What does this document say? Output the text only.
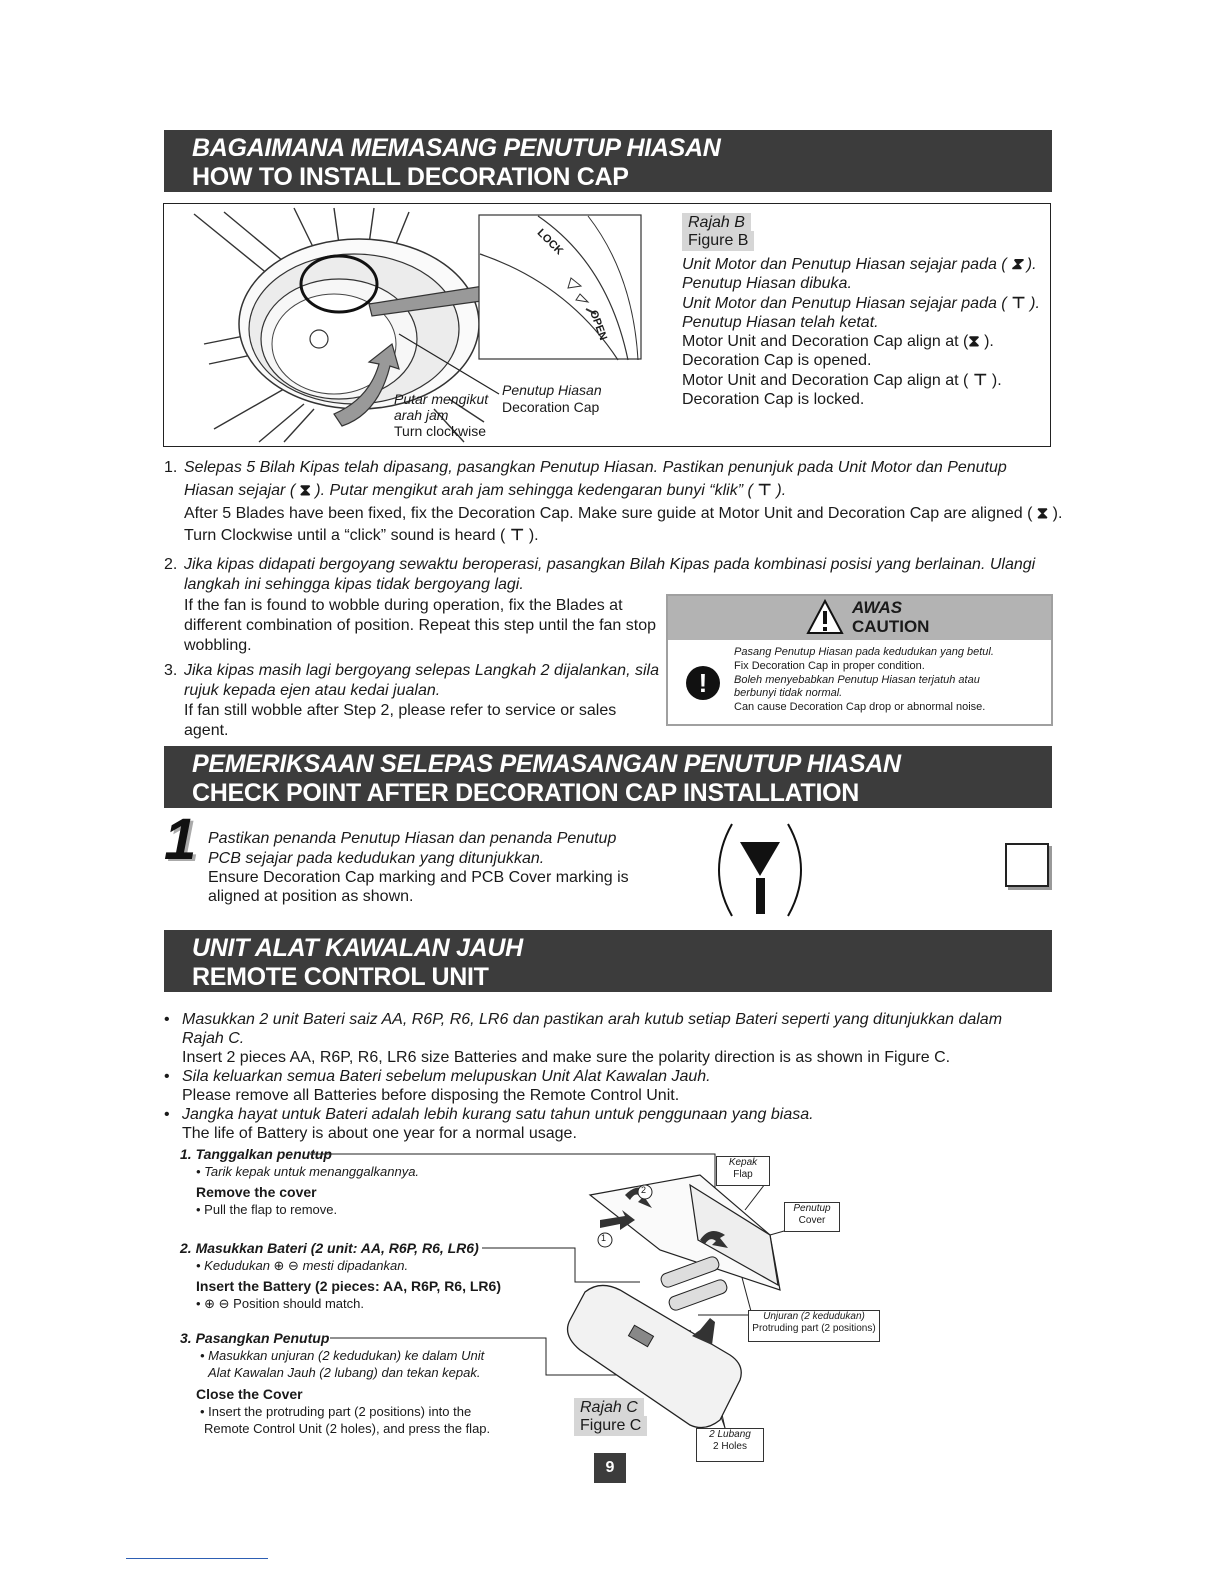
BAGAIMANA MEMASANG PENUTUP HIASAN
HOW TO INSTALL DECORATION CAP
LOCK
OPEN
Penutup Hiasan
Decoration Cap
Putar mengikut
arah jam
Turn clockwise
Rajah B
Figure B
Unit Motor dan Penutup Hiasan sejajar pada ( ⧗ ).
Penutup Hiasan dibuka.
Unit Motor dan Penutup Hiasan sejajar pada ( ⊤ ).
Penutup Hiasan telah ketat.
Motor Unit and Decoration Cap align at (⧗ ).
Decoration Cap is opened.
Motor Unit and Decoration Cap align at ( ⊤ ).
Decoration Cap is locked.
1. Selepas 5 Bilah Kipas telah dipasang, pasangkan Penutup Hiasan. Pastikan penunjuk pada Unit Motor dan Penutup
Hiasan sejajar ( ⧗ ). Putar mengikut arah jam sehingga kedengaran bunyi “klik” ( ⊤ ).
After 5 Blades have been fixed, fix the Decoration Cap. Make sure guide at Motor Unit and Decoration Cap are aligned ( ⧗ ).
Turn Clockwise until a “click” sound is heard ( ⊤ ).
2. Jika kipas didapati bergoyang sewaktu beroperasi, pasangkan Bilah Kipas pada kombinasi posisi yang berlainan. Ulangi
langkah ini sehingga kipas tidak bergoyang lagi.
If the fan is found to wobble during operation, fix the Blades at
different combination of position. Repeat this step until the fan stop
wobbling.
3. Jika kipas masih lagi bergoyang selepas Langkah 2 dijalankan, sila
rujuk kepada ejen atau kedai jualan.
If fan still wobble after Step 2, please refer to service or sales
agent.
AWAS
CAUTION
!
Pasang Penutup Hiasan pada kedudukan yang betul.
Fix Decoration Cap in proper condition.
Boleh menyebabkan Penutup Hiasan terjatuh atau
berbunyi tidak normal.
Can cause Decoration Cap drop or abnormal noise.
PEMERIKSAAN SELEPAS PEMASANGAN PENUTUP HIASAN
CHECK POINT AFTER DECORATION CAP INSTALLATION
1 Pastikan penanda Penutup Hiasan dan penanda Penutup
PCB sejajar pada kedudukan yang ditunjukkan.
Ensure Decoration Cap marking and PCB Cover marking is
aligned at position as shown.
UNIT ALAT KAWALAN JAUH
REMOTE CONTROL UNIT
• Masukkan 2 unit Bateri saiz AA, R6P, R6, LR6 dan pastikan arah kutub setiap Bateri seperti yang ditunjukkan dalam
Rajah C.
Insert 2 pieces AA, R6P, R6, LR6 size Batteries and make sure the polarity direction is as shown in Figure C.
• Sila keluarkan semua Bateri sebelum melupuskan Unit Alat Kawalan Jauh.
Please remove all Batteries before disposing the Remote Control Unit.
• Jangka hayat untuk Bateri adalah lebih kurang satu tahun untuk penggunaan yang biasa.
The life of Battery is about one year for a normal usage.
1. Tanggalkan penutup
• Tarik kepak untuk menanggalkannya.
Remove the cover
• Pull the flap to remove.
2. Masukkan Bateri (2 unit: AA, R6P, R6, LR6)
• Kedudukan ⊕ ⊖ mesti dipadankan.
Insert the Battery (2 pieces: AA, R6P, R6, LR6)
• ⊕ ⊖ Position should match.
3. Pasangkan Penutup
• Masukkan unjuran (2 kedudukan) ke dalam Unit
Alat Kawalan Jauh (2 lubang) dan tekan kepak.
Close the Cover
• Insert the protruding part (2 positions) into the
Remote Control Unit (2 holes), and press the flap.
1
2
Kepak
Flap
Penutup
Cover
Unjuran (2 kedudukan)
Protruding part (2 positions)
2 Lubang
2 Holes
Rajah C
Figure C
9
